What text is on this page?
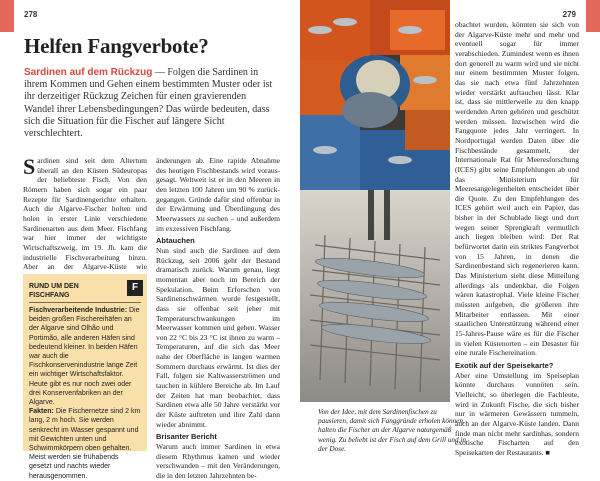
278
Helfen Fangverbote?

Sardinen auf dem Rückzug — Folgen die Sardinen in ihrem Kommen und Gehen einem bestimmten Muster oder ist ihr derzeitiger Rückzug Zeichen für einen gravierenden Wandel ihrer Lebensbedingungen? Das würde bedeuten, dass sich die Situation für die Fischer auf längere Sicht verschlechtert.

Sardinen sind seit dem Altertum überall an den Küsten Südeuropas der beliebteste Fisch. Von den Römern haben sich sogar ein paar Rezepte für Sardinengerichte erhalten. Auch die Algarve-Fischer holten und holen in erster Linie verschiedene Sardinenarten aus dem Meer. Fischfang war hier immer der wichtigste Wirtschaftszweig, im 19. Jh. kam die industrielle Fischverarbeitung hinzu. Aber an der Algarve-Küste wie

RUND UM DEN FISCHFANG
F

Fischverarbeitende Industrie: Die beiden großen Fischereihäfen an der Algarve sind Olhão und Portimão, alle anderen Häfen sind bedeutend kleiner. In beiden Häfen war auch die Fischkonservenindustrie lange Zeit ein wichtiger Wirtschaftsfaktor. Heute gibt es nur noch zwei oder drei Konservenfabriken an der Algarve.

Fakten: Die Fischernetze sind 2 km lang, 2 m hoch. Sie werden senkrecht im Wasser gespannt und mit Gewichten unten und Schwimmkörpern oben gehalten. Meist werden sie frühabends gesetzt und nachts wieder herausgenommen.

änderungen ab. Eine rapide Abnahme des heutigen Fischbestands wird voraus-gesagt. Weltweit ist er in den Meeren in den letzten 100 Jahren um 90 % zurück-gegangen. Gründe dafür sind offenbar in der Erwärmung und Überdüngung des Meerwassers zu suchen – und außerdem im exzessiven Fischfang.

Abtauchen

Nun sind auch die Sardinen auf dem Rückzug, seit 2006 geht der Bestand dramatisch zurück. Warum genau, liegt momentan aber noch im Bereich der Spekulation. Beim Erforschen von Sardinenschwärmen wurde festgestellt, dass sie offenbar seit jeher mit Temperaturschwankungen im Meerwasser kommen und gehen. Wasser von 22 °C bis 23 °C ist ihnen zu warm – Temperaturen, auf die sich das Meer nahe der Oberfläche in langen warmen Sommern durchaus erwärmt. Ist dies der Fall, folgen sie Kaltwasserströmen und tauchen in kühlere Bereiche ab. Im Lauf der Zeiten hat man beobachtet, dass Sardinen etwa alle 50 Jahre verstärkt vor der Küste auftreten und ihre Zahl dann wieder abnimmt.

Brisanter Bericht

Warum auch immer Sardinen in etwa diesem Rhythmus kamen und wieder verschwanden – mit den Veränderungen, die in den letzten Jahrzehnten be-

279

Von der Idee, mit dem Sardinenfischen zu pausieren, damit sich Fanggründe erholen können, halten die Fischer an der Algarve naturgemäß wenig. Zu beliebt ist der Fisch auf dem Grill und in der Dose.

obachtet wurden, könnten sie sich von der Algarve-Küste mehr und mehr und eventuell sogar für immer verabschieden. Zumindest wenn es ihnen dort generell zu warm wird und sie nicht nur einem bestimmten Muster folgen, das sie nach etwa fünf Jahrzehnten wieder verstärkt auftauchen lässt. Klar ist, dass sie mittlerweile zu den knapp werdenden Arten gehören und geschützt werden müssen. Inzwischen wird die Fangquote jedes Jahr verringert. In Nordportugal werden Daten über die Fischbestände gesammelt, der Internationale Rat für Meeresforschung (ICES) gibt seine Empfehlungen ab und das Ministerium für Meeresangelegenheiten entscheidet über die Quote. Zu den Empfehlungen des ICES gehört weil auch ein Papier, das bisher in der Schublade liegt und dort wegen seiner Sprengkraft vermutlich auch liegen bleiben wird: Der Rat befürwortet darin ein striktes Fangverbot von 15 Jahren, in denen die Sardinenbestand sich regenerieren kann. Das Ministerium sieht diese Mitteilung allerdings als undenkbar, die Folgen wären katastrophal. Viele kleine Fischer müssten aufgeben, die größeren ihre Mitarbeiter entlassen. Mit einer staatlichen Unterstützung während einer 15-Jahres-Pause wäre es für die Fischer in vielen Küstenorten – ein Desaster für eine rurale Fischereination.

Exotik auf der Speisekarte?

Aber eine Umstellung im Speiseplan könnte durchaus vonnöten sein. Vielleicht, so überlegen die Fachleute, wird in Zukunft Fische, die sich bisher nur in wärmeren Gewässern tummeln, auch an der Algarve-Küste landen. Dann finde man nicht mehr sardinhas, sondern exotische Fischarten auf den Speisekarten der Restaurants. ■
